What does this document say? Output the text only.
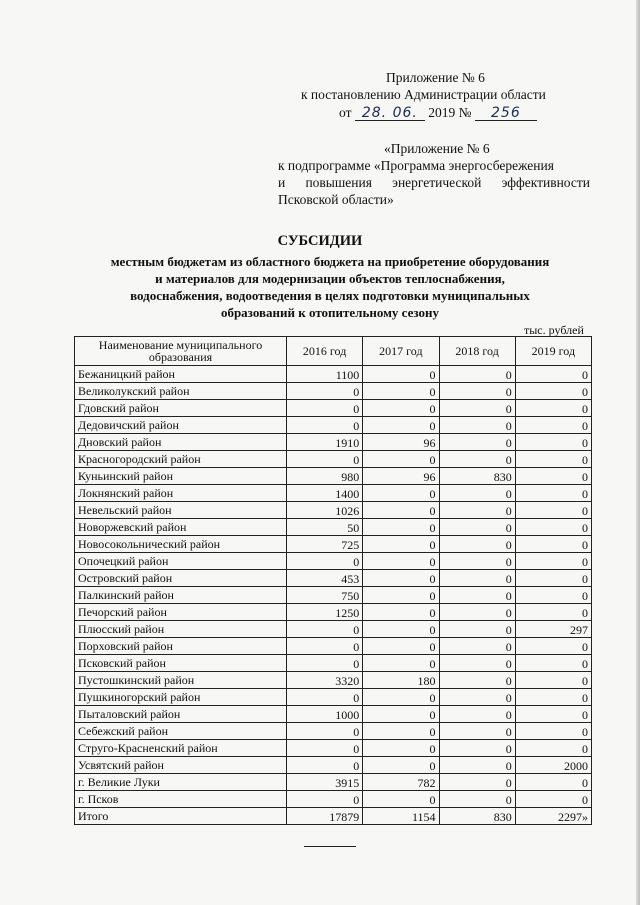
Приложение № 6
к постановлению Администрации области
от 28. 06. 2019 № 256
«Приложение № 6
к подпрограмме «Программа энергосбережения
и повышения энергетической эффективности
Псковской области»
СУБСИДИИ
местным бюджетам из областного бюджета на приобретение оборудования
и материалов для модернизации объектов теплоснабжения,
водоснабжения, водоотведения в целях подготовки муниципальных
образований к отопительному сезону
тыс. рублей
Наименование муниципального образования	2016 год	2017 год	2018 год	2019 год
Бежаницкий район	1100	0	0	0
Великолукский район	0	0	0	0
Гдовский район	0	0	0	0
Дедовичский район	0	0	0	0
Дновский район	1910	96	0	0
Красногородский район	0	0	0	0
Куньинский район	980	96	830	0
Локнянский район	1400	0	0	0
Невельский район	1026	0	0	0
Новоржевский район	50	0	0	0
Новосокольнический район	725	0	0	0
Опочецкий район	0	0	0	0
Островский район	453	0	0	0
Палкинский район	750	0	0	0
Печорский район	1250	0	0	0
Плюсский район	0	0	0	297
Порховский район	0	0	0	0
Псковский район	0	0	0	0
Пустошкинский район	3320	180	0	0
Пушкиногорский район	0	0	0	0
Пыталовский район	1000	0	0	0
Себежский район	0	0	0	0
Струго-Красненский район	0	0	0	0
Усвятский район	0	0	0	2000
г. Великие Луки	3915	782	0	0
г. Псков	0	0	0	0
Итого	17879	1154	830	2297»
